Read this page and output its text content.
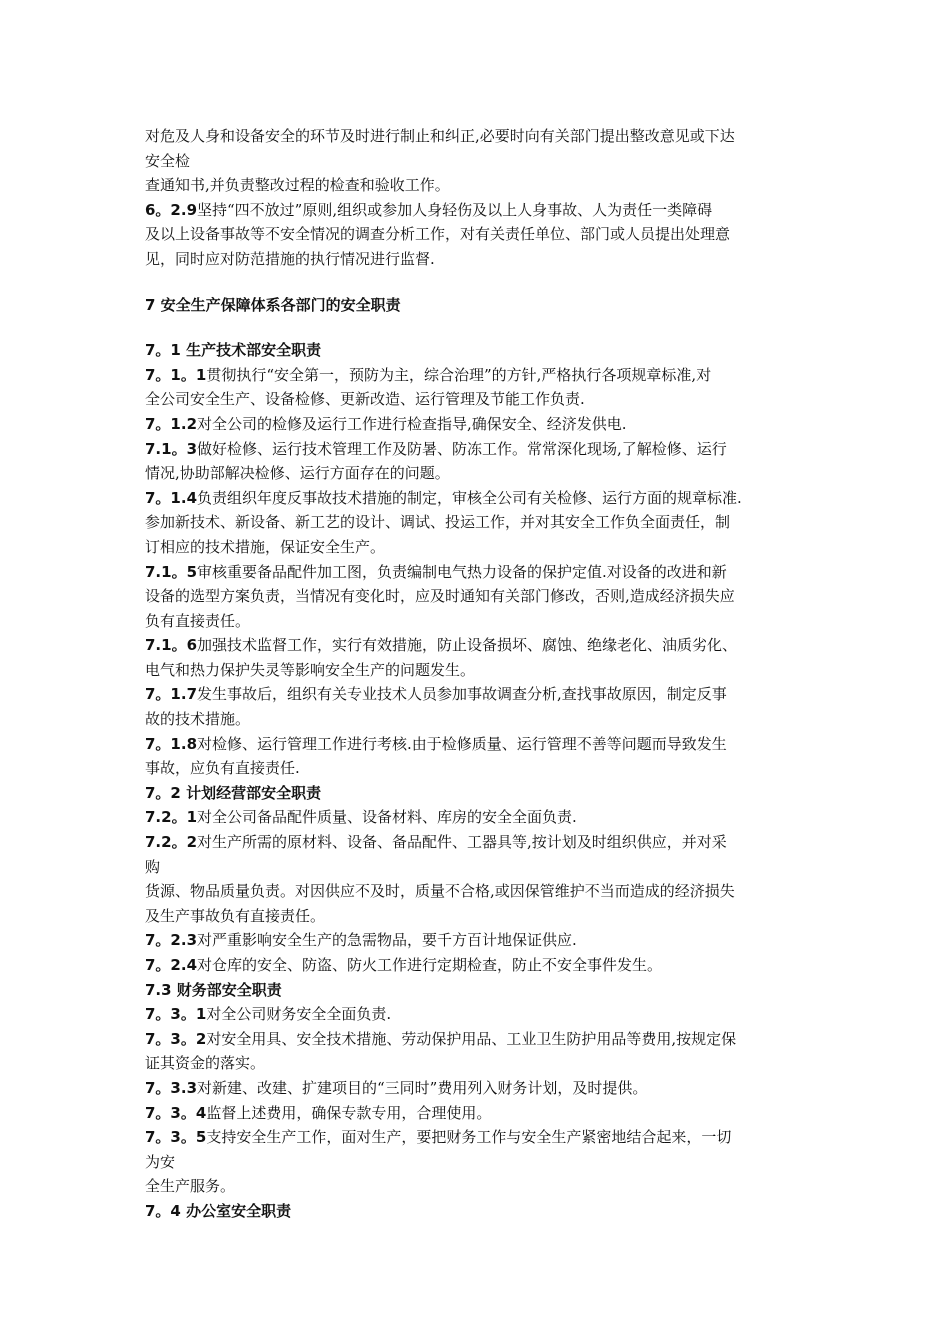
对危及人身和设备安全的环节及时进行制止和纠正,必要时向有关部门提出整改意见或下达
安全检
查通知书,并负责整改过程的检查和验收工作。
6。2.9坚持“四不放过”原则,组织或参加人身轻伤及以上人身事故、人为责任一类障碍
及以上设备事故等不安全情况的调查分析工作，对有关责任单位、部门或人员提出处理意
见，同时应对防范措施的执行情况进行监督.
7 安全生产保障体系各部门的安全职责
7。1 生产技术部安全职责
7。1。1贯彻执行“安全第一，预防为主，综合治理”的方针,严格执行各项规章标准,对
全公司安全生产、设备检修、更新改造、运行管理及节能工作负责.
7。1.2对全公司的检修及运行工作进行检查指导,确保安全、经济发供电.
7.1。3做好检修、运行技术管理工作及防暑、防冻工作。常常深化现场,了解检修、运行
情况,协助部解决检修、运行方面存在的问题。
7。1.4负责组织年度反事故技术措施的制定，审核全公司有关检修、运行方面的规章标准.
参加新技术、新设备、新工艺的设计、调试、投运工作，并对其安全工作负全面责任，制
订相应的技术措施，保证安全生产。
7.1。5审核重要备品配件加工图，负责编制电气热力设备的保护定值.对设备的改进和新
设备的选型方案负责，当情况有变化时，应及时通知有关部门修改，否则,造成经济损失应
负有直接责任。
7.1。6加强技术监督工作，实行有效措施，防止设备损坏、腐蚀、绝缘老化、油质劣化、
电气和热力保护失灵等影响安全生产的问题发生。
7。1.7发生事故后，组织有关专业技术人员参加事故调查分析,查找事故原因，制定反事
故的技术措施。
7。1.8对检修、运行管理工作进行考核.由于检修质量、运行管理不善等问题而导致发生
事故，应负有直接责任.
7。2 计划经营部安全职责
7.2。1对全公司备品配件质量、设备材料、库房的安全全面负责.
7.2。2对生产所需的原材料、设备、备品配件、工器具等,按计划及时组织供应，并对采
购
货源、物品质量负责。对因供应不及时，质量不合格,或因保管维护不当而造成的经济损失
及生产事故负有直接责任。
7。2.3对严重影响安全生产的急需物品，要千方百计地保证供应.
7。2.4对仓库的安全、防盗、防火工作进行定期检查，防止不安全事件发生。
7.3 财务部安全职责
7。3。1对全公司财务安全全面负责.
7。3。2对安全用具、安全技术措施、劳动保护用品、工业卫生防护用品等费用,按规定保
证其资金的落实。
7。3.3对新建、改建、扩建项目的“三同时”费用列入财务计划，及时提供。
7。3。4监督上述费用，确保专款专用，合理使用。
7。3。5支持安全生产工作，面对生产，要把财务工作与安全生产紧密地结合起来，一切
为安
全生产服务。
7。4 办公室安全职责
